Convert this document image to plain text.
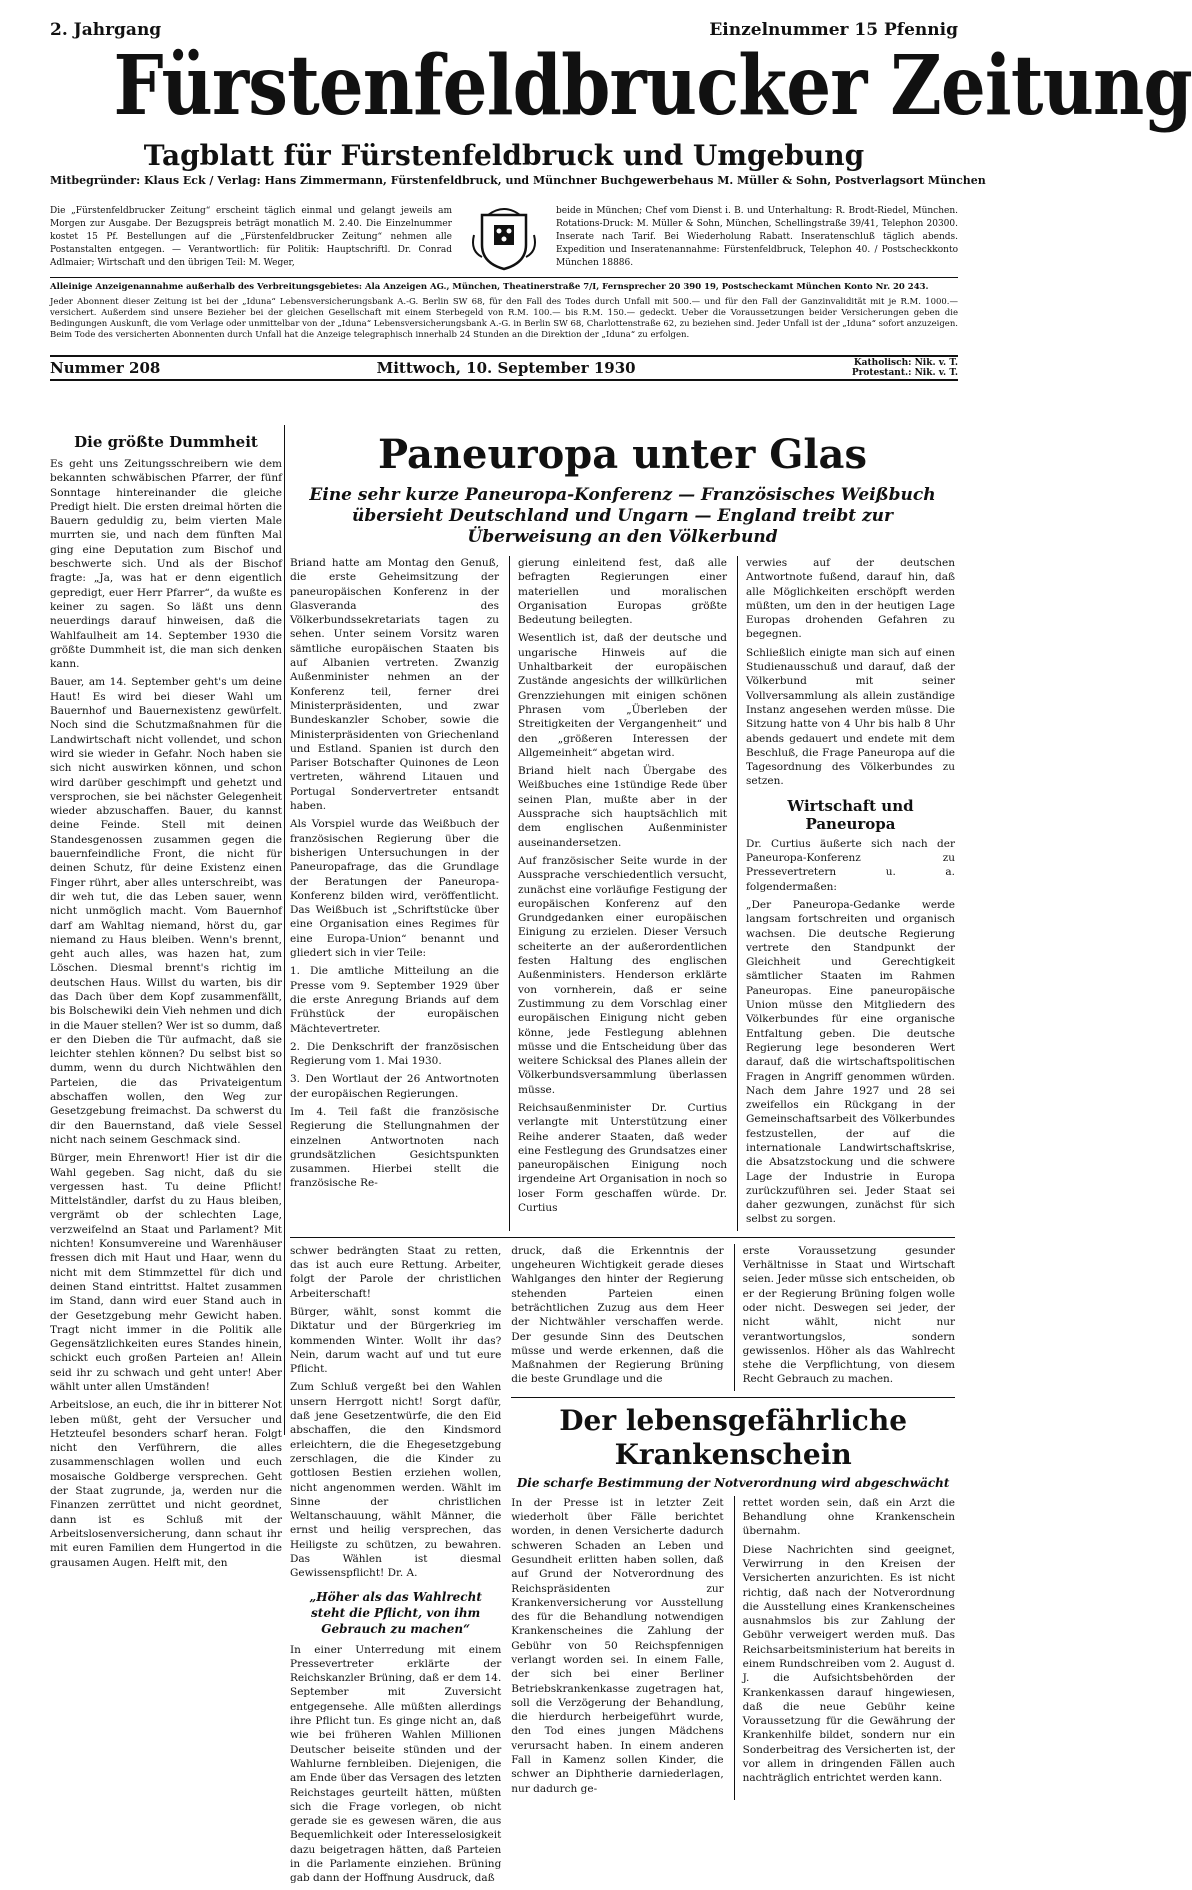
2. Jahrgang	Einzelnummer 15 Pfennig
Fürstenfeldbrucker Zeitung
Tagblatt für Fürstenfeldbruck und Umgebung
Mitbegründer: Klaus Eck / Verlag: Hans Zimmermann, Fürstenfeldbruck, und Münchner Buchgewerbehaus M. Müller & Sohn, Postverlagsort München
Die „Fürstenfeldbrucker Zeitung“ erscheint täglich einmal und gelangt jeweils am Morgen zur Ausgabe. Der Bezugspreis beträgt monatlich M. 2.40. Die Einzelnummer kostet 15 Pf. Bestellungen auf die „Fürstenfeldbrucker Zeitung“ nehmen alle Postanstalten entgegen. — Verantwortlich: für Politik: Hauptschriftl. Dr. Conrad Adlmaier; Wirtschaft und den übrigen Teil: M. Weger,
beide in München; Chef vom Dienst i. B. und Unterhaltung: R. Brodt-Riedel, München. Rotations-Druck: M. Müller & Sohn, München, Schellingstraße 39/41, Telephon 20300. Inserate nach Tarif. Bei Wiederholung Rabatt. Inseratenschluß täglich abends. Expedition und Inseratenannahme: Fürstenfeldbruck, Telephon 40. / Postscheckkonto München 18886.
Alleinige Anzeigenannahme außerhalb des Verbreitungsgebietes: Ala Anzeigen AG., München, Theatinerstraße 7/I, Fernsprecher 20 390 19, Postscheckamt München Konto Nr. 20 243.
Jeder Abonnent dieser Zeitung ist bei der „Iduna“ Lebensversicherungsbank A.-G. Berlin SW 68, für den Fall des Todes durch Unfall mit 500.— und für den Fall der Ganzinvalidität mit je R.M. 1000.— versichert. Außerdem sind unsere Bezieher bei der gleichen Gesellschaft mit einem Sterbegeld von R.M. 100.— bis R.M. 150.— gedeckt. Ueber die Voraussetzungen beider Versicherungen geben die Bedingungen Auskunft, die vom Verlage oder unmittelbar von der „Iduna“ Lebensversicherungsbank A.-G. in Berlin SW 68, Charlottenstraße 62, zu beziehen sind. Jeder Unfall ist der „Iduna“ sofort anzuzeigen. Beim Tode des versicherten Abonnenten durch Unfall hat die Anzeige telegraphisch innerhalb 24 Stunden an die Direktion der „Iduna“ zu erfolgen.
Nummer 208	Mittwoch, 10. September 1930	Katholisch: Nik. v. T.
Protestant.: Nik. v. T.
Die größte Dummheit

Es geht uns Zeitungsschreibern wie dem bekannten schwäbischen Pfarrer, der fünf Sonntage hintereinander die gleiche Predigt hielt. Die ersten dreimal hörten die Bauern geduldig zu, beim vierten Male murrten sie, und nach dem fünften Mal ging eine Deputation zum Bischof und beschwerte sich. Und als der Bischof fragte: „Ja, was hat er denn eigentlich gepredigt, euer Herr Pfarrer“, da wußte es keiner zu sagen. So läßt uns denn neuerdings darauf hinweisen, daß die Wahlfaulheit am 14. September 1930 die größte Dummheit ist, die man sich denken kann.

Bauer, am 14. September geht's um deine Haut! Es wird bei dieser Wahl um Bauernhof und Bauernexistenz gewürfelt. Noch sind die Schutzmaßnahmen für die Landwirtschaft nicht vollendet, und schon wird sie wieder in Gefahr. Noch haben sie sich nicht auswirken können, und schon wird darüber geschimpft und gehetzt und versprochen, sie bei nächster Gelegenheit wieder abzuschaffen. Bauer, du kannst deine Feinde. Stell mit deinen Standesgenossen zusammen gegen die bauernfeindliche Front, die nicht für deinen Schutz, für deine Existenz einen Finger rührt, aber alles unterschreibt, was dir weh tut, die das Leben sauer, wenn nicht unmöglich macht. Vom Bauernhof darf am Wahltag niemand, hörst du, gar niemand zu Haus bleiben. Wenn's brennt, geht auch alles, was hazen hat, zum Löschen. Diesmal brennt's richtig im deutschen Haus. Willst du warten, bis dir das Dach über dem Kopf zusammenfällt, bis Bolschewiki dein Vieh nehmen und dich in die Mauer stellen? Wer ist so dumm, daß er den Dieben die Tür aufmacht, daß sie leichter stehlen können? Du selbst bist so dumm, wenn du durch Nichtwählen den Parteien, die das Privateigentum abschaffen wollen, den Weg zur Gesetzgebung freimachst. Da schwerst du dir den Bauernstand, daß viele Sessel nicht nach seinem Geschmack sind.

Bürger, mein Ehrenwort! Hier ist dir die Wahl gegeben. Sag nicht, daß du sie vergessen hast. Tu deine Pflicht! Mittelständler, darfst du zu Haus bleiben, vergrämt ob der schlechten Lage, verzweifelnd an Staat und Parlament? Mit nichten! Konsumvereine und Warenhäuser fressen dich mit Haut und Haar, wenn du nicht mit dem Stimmzettel für dich und deinen Stand eintrittst. Haltet zusammen im Stand, dann wird euer Stand auch in der Gesetzgebung mehr Gewicht haben. Tragt nicht immer in die Politik alle Gegensätzlichkeiten eures Standes hinein, schickt euch großen Parteien an! Allein seid ihr zu schwach und geht unter! Aber wählt unter allen Umständen!

Arbeitslose, an euch, die ihr in bitterer Not leben müßt, geht der Versucher und Hetzteufel besonders scharf heran. Folgt nicht den Verführern, die alles zusammenschlagen wollen und euch mosaische Goldberge versprechen. Geht der Staat zugrunde, ja, werden nur die Finanzen zerrüttet und nicht geordnet, dann ist es Schluß mit der Arbeitslosenversicherung, dann schaut ihr mit euren Familien dem Hungertod in die grausamen Augen. Helft mit, den

Paneuropa unter Glas
Eine sehr kurze Paneuropa-Konferenz — Französisches Weißbuch übersieht Deutschland und Ungarn — England treibt zur Überweisung an den Völkerbund

Briand hatte am Montag den Genuß, die erste Geheimsitzung der paneuropäischen Konferenz in der Glasveranda des Völkerbundssekretariats tagen zu sehen. Unter seinem Vorsitz waren sämtliche europäischen Staaten bis auf Albanien vertreten. Zwanzig Außenminister nehmen an der Konferenz teil, ferner drei Ministerpräsidenten, und zwar Bundeskanzler Schober, sowie die Ministerpräsidenten von Griechenland und Estland. Spanien ist durch den Pariser Botschafter Quinones de Leon vertreten, während Litauen und Portugal Sondervertreter entsandt haben.

Als Vorspiel wurde das Weißbuch der französischen Regierung über die bisherigen Untersuchungen in der Paneuropafrage, das die Grundlage der Beratungen der Paneuropa-Konferenz bilden wird, veröffentlicht. Das Weißbuch ist „Schriftstücke über eine Organisation eines Regimes für eine Europa-Union“ benannt und gliedert sich in vier Teile:

1. Die amtliche Mitteilung an die Presse vom 9. September 1929 über die erste Anregung Briands auf dem Frühstück der europäischen Mächtevertreter.

2. Die Denkschrift der französischen Regierung vom 1. Mai 1930.

3. Den Wortlaut der 26 Antwortnoten der europäischen Regierungen.

Im 4. Teil faßt die französische Regierung die Stellungnahmen der einzelnen Antwortnoten nach grundsätzlichen Gesichtspunkten zusammen. Hierbei stellt die französische Re-

gierung einleitend fest, daß alle befragten Regierungen einer materiellen und moralischen Organisation Europas größte Bedeutung beilegten.

Wesentlich ist, daß der deutsche und ungarische Hinweis auf die Unhaltbarkeit der europäischen Zustände angesichts der willkürlichen Grenzziehungen mit einigen schönen Phrasen vom „Überleben der Streitigkeiten der Vergangenheit“ und den „größeren Interessen der Allgemeinheit“ abgetan wird.

Briand hielt nach Übergabe des Weißbuches eine 1stündige Rede über seinen Plan, mußte aber in der Aussprache sich hauptsächlich mit dem englischen Außenminister auseinandersetzen.

Auf französischer Seite wurde in der Aussprache verschiedentlich versucht, zunächst eine vorläufige Festigung der europäischen Konferenz auf den Grundgedanken einer europäischen Einigung zu erzielen. Dieser Versuch scheiterte an der außerordentlichen festen Haltung des englischen Außenministers. Henderson erklärte von vornherein, daß er seine Zustimmung zu dem Vorschlag einer europäischen Einigung nicht geben könne, jede Festlegung ablehnen müsse und die Entscheidung über das weitere Schicksal des Planes allein der Völkerbundsversammlung überlassen müsse.

Reichsaußenminister Dr. Curtius verlangte mit Unterstützung einer Reihe anderer Staaten, daß weder eine Festlegung des Grundsatzes einer paneuropäischen Einigung noch irgendeine Art Organisation in noch so loser Form geschaffen würde. Dr. Curtius

verwies auf der deutschen Antwortnote fußend, darauf hin, daß alle Möglichkeiten erschöpft werden müßten, um den in der heutigen Lage Europas drohenden Gefahren zu begegnen.

Schließlich einigte man sich auf einen Studienausschuß und darauf, daß der Völkerbund mit seiner Vollversammlung als allein zuständige Instanz angesehen werden müsse. Die Sitzung hatte von 4 Uhr bis halb 8 Uhr abends gedauert und endete mit dem Beschluß, die Frage Paneuropa auf die Tagesordnung des Völkerbundes zu setzen.

Wirtschaft und Paneuropa

Dr. Curtius äußerte sich nach der Paneuropa-Konferenz zu Pressevertretern u. a. folgendermaßen:

„Der Paneuropa-Gedanke werde langsam fortschreiten und organisch wachsen. Die deutsche Regierung vertrete den Standpunkt der Gleichheit und Gerechtigkeit sämtlicher Staaten im Rahmen Paneuropas. Eine paneuropäische Union müsse den Mitgliedern des Völkerbundes für eine organische Entfaltung geben. Die deutsche Regierung lege besonderen Wert darauf, daß die wirtschaftspolitischen Fragen in Angriff genommen würden. Nach dem Jahre 1927 und 28 sei zweifellos ein Rückgang in der Gemeinschaftsarbeit des Völkerbundes festzustellen, der auf die internationale Landwirtschaftskrise, die Absatzstockung und die schwere Lage der Industrie in Europa zurückzuführen sei. Jeder Staat sei daher gezwungen, zunächst für sich selbst zu sorgen.

schwer bedrängten Staat zu retten, das ist auch eure Rettung. Arbeiter, folgt der Parole der christlichen Arbeiterschaft!

Bürger, wählt, sonst kommt die Diktatur und der Bürgerkrieg im kommenden Winter. Wollt ihr das? Nein, darum wacht auf und tut eure Pflicht.

Zum Schluß vergeßt bei den Wahlen unsern Herrgott nicht! Sorgt dafür, daß jene Gesetzentwürfe, die den Eid abschaffen, die den Kindsmord erleichtern, die die Ehegesetzgebung zerschlagen, die die Kinder zu gottlosen Bestien erziehen wollen, nicht angenommen werden. Wählt im Sinne der christlichen Weltanschauung, wählt Männer, die ernst und heilig versprechen, das Heiligste zu schützen, zu bewahren. Das Wählen ist diesmal Gewissenspflicht! Dr. A.

„Höher als das Wahlrecht steht die Pflicht, von ihm Gebrauch zu machen“

In einer Unterredung mit einem Pressevertreter erklärte der Reichskanzler Brüning, daß er dem 14. September mit Zuversicht entgegensehe. Alle müßten allerdings ihre Pflicht tun. Es ginge nicht an, daß wie bei früheren Wahlen Millionen Deutscher beiseite stünden und der Wahlurne fernbleiben. Diejenigen, die am Ende über das Versagen des letzten Reichstages geurteilt hätten, müßten sich die Frage vorlegen, ob nicht gerade sie es gewesen wären, die aus Bequemlichkeit oder Interesselosigkeit dazu beigetragen hätten, daß Parteien in die Parlamente einziehen. Brüning gab dann der Hoffnung Ausdruck, daß

druck, daß die Erkenntnis der ungeheuren Wichtigkeit gerade dieses Wahlganges den hinter der Regierung stehenden Parteien einen beträchtlichen Zuzug aus dem Heer der Nichtwähler verschaffen werde. Der gesunde Sinn des Deutschen müsse und werde erkennen, daß die Maßnahmen der Regierung Brüning die beste Grundlage und die

erste Voraussetzung gesunder Verhältnisse in Staat und Wirtschaft seien. Jeder müsse sich entscheiden, ob er der Regierung Brüning folgen wolle oder nicht. Deswegen sei jeder, der nicht wählt, nicht nur verantwortungslos, sondern gewissenlos. Höher als das Wahlrecht stehe die Verpflichtung, von diesem Recht Gebrauch zu machen.

Der lebensgefährliche Krankenschein
Die scharfe Bestimmung der Notverordnung wird abgeschwächt

In der Presse ist in letzter Zeit wiederholt über Fälle berichtet worden, in denen Versicherte dadurch schweren Schaden an Leben und Gesundheit erlitten haben sollen, daß auf Grund der Notverordnung des Reichspräsidenten zur Krankenversicherung vor Ausstellung des für die Behandlung notwendigen Krankenscheines die Zahlung der Gebühr von 50 Reichspfennigen verlangt worden sei. In einem Falle, der sich bei einer Berliner Betriebskrankenkasse zugetragen hat, soll die Verzögerung der Behandlung, die hierdurch herbeigeführt wurde, den Tod eines jungen Mädchens verursacht haben. In einem anderen Fall in Kamenz sollen Kinder, die schwer an Diphtherie darniederlagen, nur dadurch ge-

rettet worden sein, daß ein Arzt die Behandlung ohne Krankenschein übernahm.

Diese Nachrichten sind geeignet, Verwirrung in den Kreisen der Versicherten anzurichten. Es ist nicht richtig, daß nach der Notverordnung die Ausstellung eines Krankenscheines ausnahmslos bis zur Zahlung der Gebühr verweigert werden muß. Das Reichsarbeitsministerium hat bereits in einem Rundschreiben vom 2. August d. J. die Aufsichtsbehörden der Krankenkassen darauf hingewiesen, daß die neue Gebühr keine Voraussetzung für die Gewährung der Krankenhilfe bildet, sondern nur ein Sonderbeitrag des Versicherten ist, der vor allem in dringenden Fällen auch nachträglich entrichtet werden kann.
